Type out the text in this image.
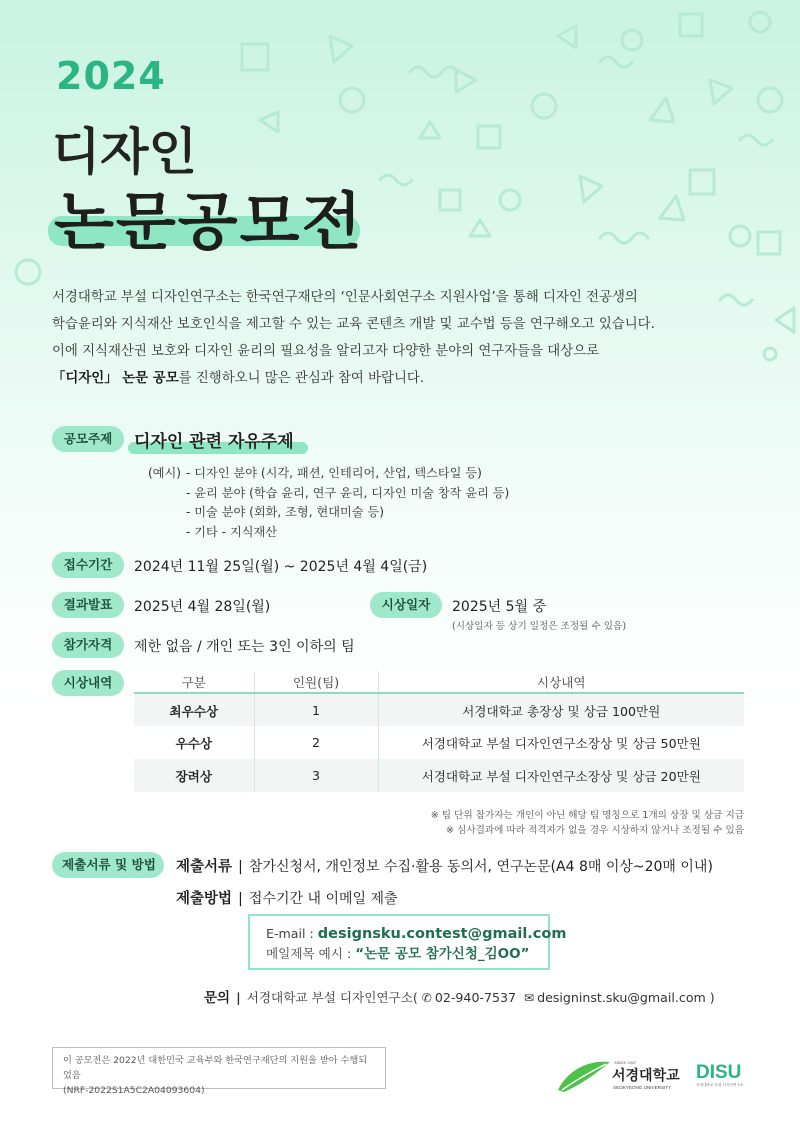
2024
디자인
논문공모전
서경대학교 부설 디자인연구소는 한국연구재단의 ‘인문사회연구소 지원사업’을 통해 디자인 전공생의
학습윤리와 지식재산 보호인식을 제고할 수 있는 교육 콘텐츠 개발 및 교수법 등을 연구해오고 있습니다.
이에 지식재산권 보호와 디자인 윤리의 필요성을 알리고자 다양한 분야의 연구자들을 대상으로
「디자인」 논문 공모를 진행하오니 많은 관심과 참여 바랍니다.
공모주제	디자인 관련 자유주제
(예시) - 디자인 분야 (시각, 패션, 인테리어, 산업, 텍스타일 등)
- 윤리 분야 (학습 윤리, 연구 윤리, 디자인 미술 창작 윤리 등)
- 미술 분야 (회화, 조형, 현대미술 등)
- 기타 - 지식재산
접수기간	2024년 11월 25일(월) ~ 2025년 4월 4일(금)
결과발표	2025년 4월 28일(월)	시상일자	2025년 5월 중
(시상일자 등 상기 일정은 조정될 수 있음)
참가자격	제한 없음 / 개인 또는 3인 이하의 팀
시상내역	구분	인원(팀)	시상내역
최우수상	1	서경대학교 총장상 및 상금 100만원
우수상	2	서경대학교 부설 디자인연구소장상 및 상금 50만원
장려상	3	서경대학교 부설 디자인연구소장상 및 상금 20만원
※ 팀 단위 참가자는 개인이 아닌 해당 팀 명칭으로 1개의 상장 및 상금 지급
※ 심사결과에 따라 적격자가 없을 경우 시상하지 않거나 조정될 수 있음
제출서류 및 방법	제출서류 | 참가신청서, 개인정보 수집·활용 동의서, 연구논문(A4 8매 이상~20매 이내)
제출방법 | 접수기간 내 이메일 제출
E-mail : designsku.contest@gmail.com
메일제목 예시 : “논문 공모 참가신청_김OO”
문의 | 서경대학교 부설 디자인연구소( ✆ 02-940-7537 ✉ designinst.sku@gmail.com )
이 공모전은 2022년 대한민국 교육부와 한국연구재단의 지원을 받아 수행되었음
(NRF-2022S1A5C2A04093604)
SINCE 1947
서경대학교
SEOKYEONG UNIVERSITY
DISU
서경대학교 부설 디자인연구소
